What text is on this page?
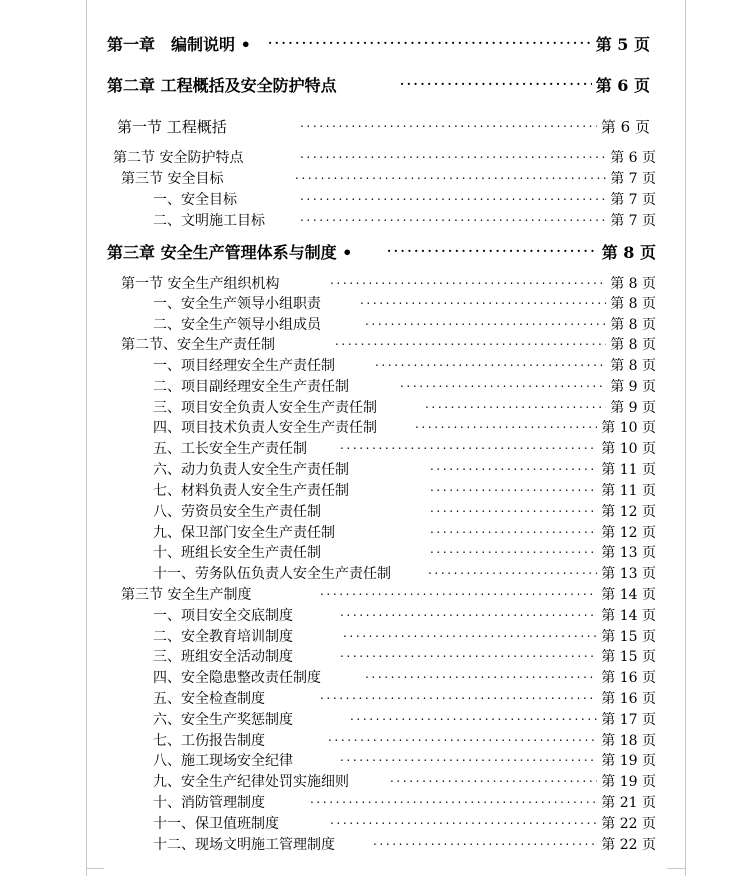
第一章　编制说明 • .....	第 5 页
第二章 工程概括及安全防护特点 .....	第 6 页
第一节 工程概括 .....	第 6 页
第二节 安全防护特点 .....	第 6 页
第三节 安全目标 .....	第 7 页
一、安全目标 .....	第 7 页
二、文明施工目标 .....	第 7 页
第三章 安全生产管理体系与制度 • .....	第 8 页
第一节 安全生产组织机构 .....	第 8 页
一、安全生产领导小组职责 .....	第 8 页
二、安全生产领导小组成员 .....	第 8 页
第二节、安全生产责任制 .....	第 8 页
一、项目经理安全生产责任制 .....	第 8 页
二、项目副经理安全生产责任制 .....	第 9 页
三、项目安全负责人安全生产责任制 .....	第 9 页
四、项目技术负责人安全生产责任制 .....	第 10 页
五、工长安全生产责任制 .....	第 10 页
六、动力负责人安全生产责任制 .....	第 11 页
七、材料负责人安全生产责任制 .....	第 11 页
八、劳资员安全生产责任制 .....	第 12 页
九、保卫部门安全生产责任制 .....	第 12 页
十、班组长安全生产责任制 .....	第 13 页
十一、劳务队伍负责人安全生产责任制 .....	第 13 页
第三节 安全生产制度 .....	第 14 页
一、项目安全交底制度 .....	第 14 页
二、安全教育培训制度 .....	第 15 页
三、班组安全活动制度 .....	第 15 页
四、安全隐患整改责任制度 .....	第 16 页
五、安全检查制度 .....	第 16 页
六、安全生产奖惩制度 .....	第 17 页
七、工伤报告制度 .....	第 18 页
八、施工现场安全纪律 .....	第 19 页
九、安全生产纪律处罚实施细则 .....	第 19 页
十、消防管理制度 .....	第 21 页
十一、保卫值班制度 .....	第 22 页
十二、现场文明施工管理制度 .....	第 22 页
